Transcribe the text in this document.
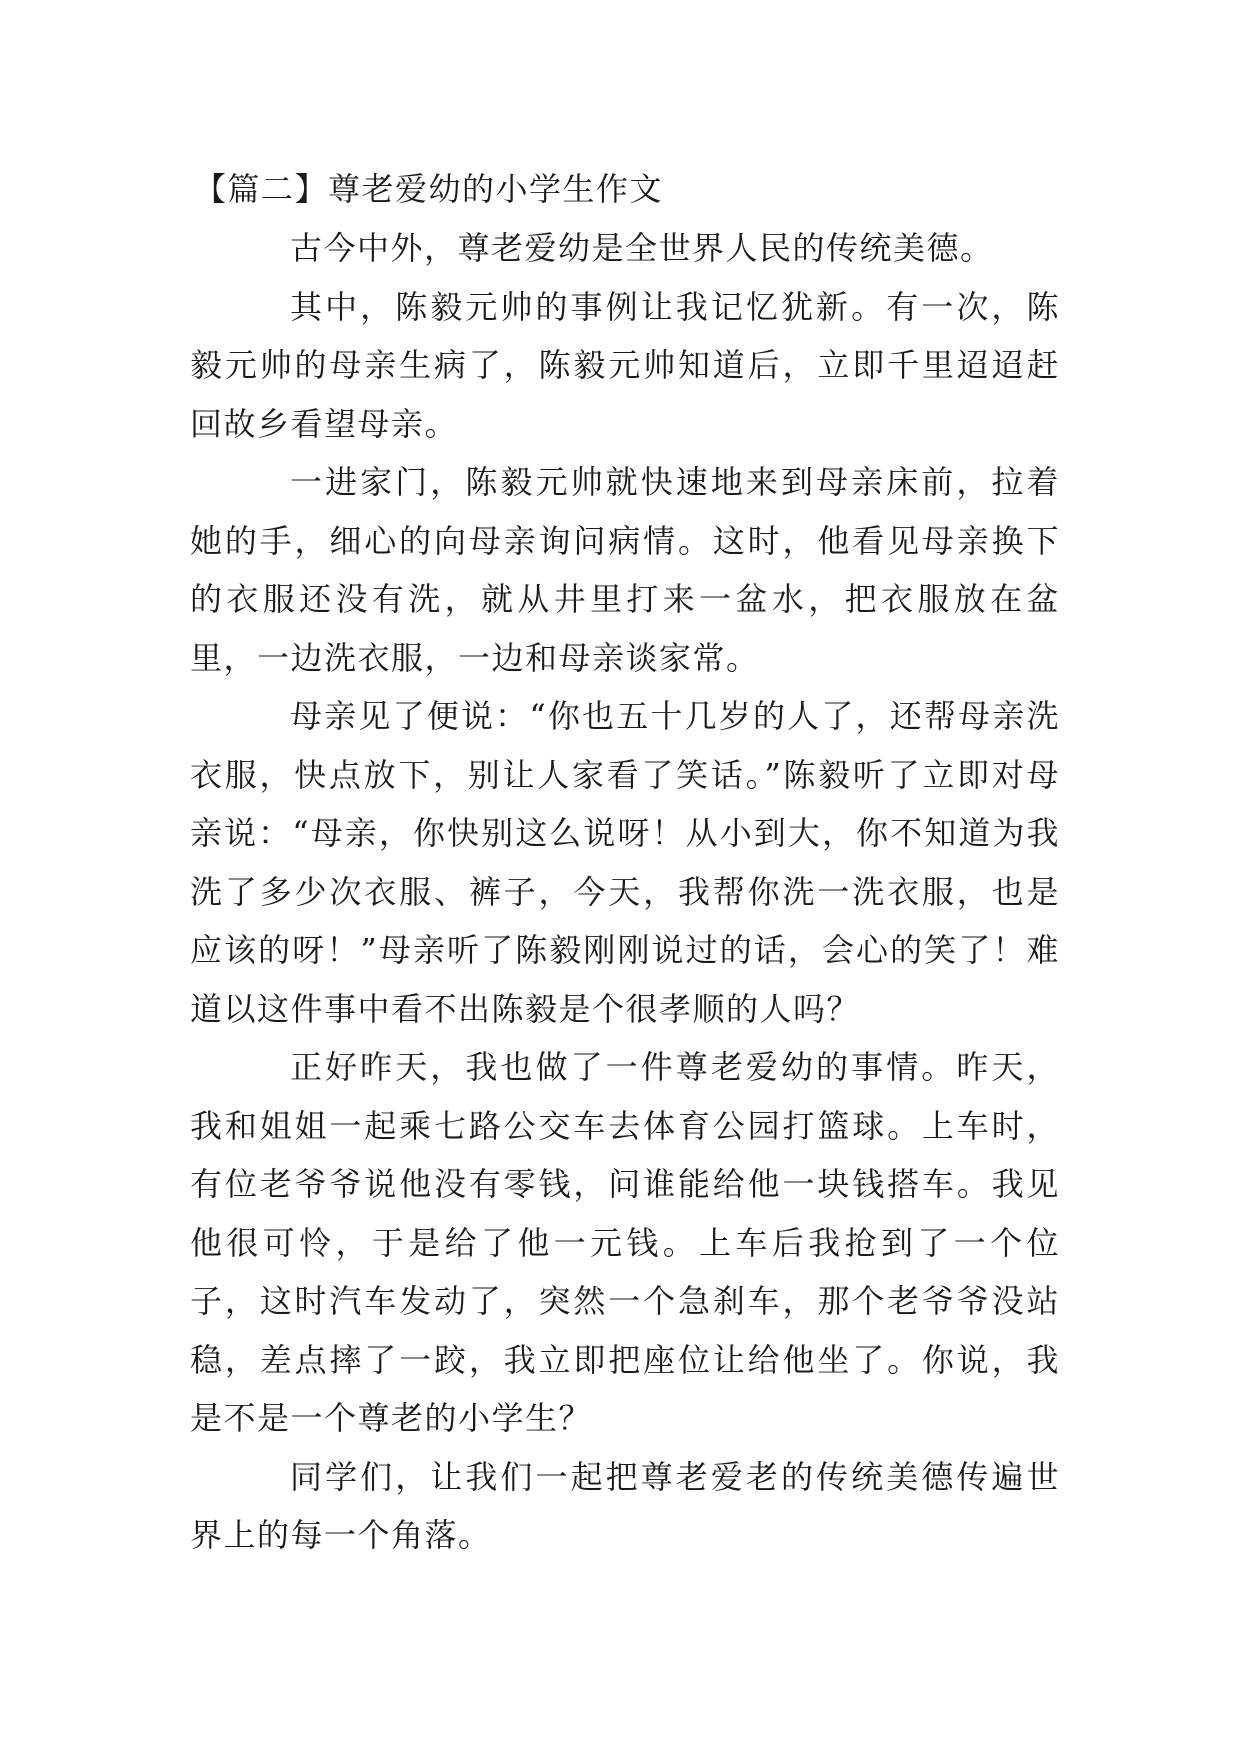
【篇二】尊老爱幼的小学生作文

古今中外，尊老爱幼是全世界人民的传统美德。

其中，陈毅元帅的事例让我记忆犹新。有一次，陈毅元帅的母亲生病了，陈毅元帅知道后，立即千里迢迢赶回故乡看望母亲。

一进家门，陈毅元帅就快速地来到母亲床前，拉着她的手，细心的向母亲询问病情。这时，他看见母亲换下的衣服还没有洗，就从井里打来一盆水，把衣服放在盆里，一边洗衣服，一边和母亲谈家常。

母亲见了便说：“你也五十几岁的人了，还帮母亲洗衣服，快点放下，别让人家看了笑话。”陈毅听了立即对母亲说：“母亲，你快别这么说呀！从小到大，你不知道为我洗了多少次衣服、裤子，今天，我帮你洗一洗衣服，也是应该的呀！”母亲听了陈毅刚刚说过的话，会心的笑了！难道以这件事中看不出陈毅是个很孝顺的人吗？

正好昨天，我也做了一件尊老爱幼的事情。昨天，我和姐姐一起乘七路公交车去体育公园打篮球。上车时，有位老爷爷说他没有零钱，问谁能给他一块钱搭车。我见他很可怜，于是给了他一元钱。上车后我抢到了一个位子，这时汽车发动了，突然一个急刹车，那个老爷爷没站稳，差点摔了一跤，我立即把座位让给他坐了。你说，我是不是一个尊老的小学生？

同学们，让我们一起把尊老爱老的传统美德传遍世界上的每一个角落。
